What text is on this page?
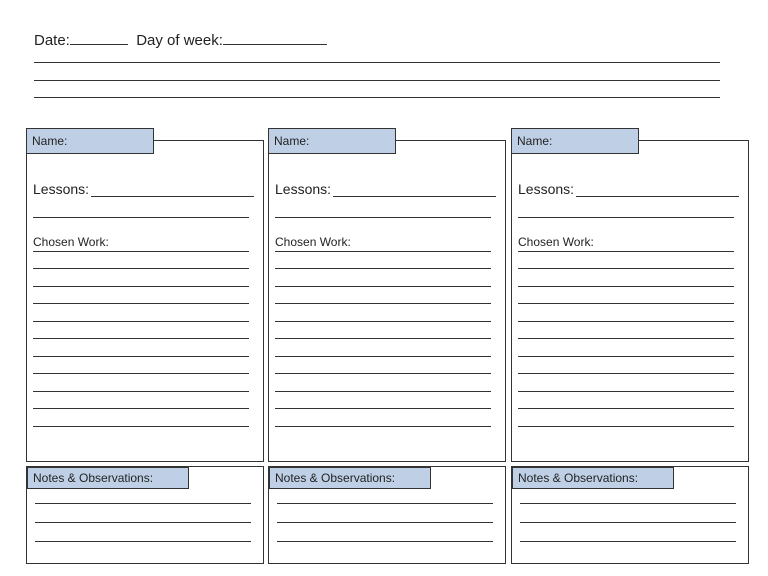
Date:	Day of week:
Lessons:
Chosen Work:
Name:
Notes & Observations:
Lessons:
Chosen Work:
Name:
Notes & Observations:
Lessons:
Chosen Work:
Name:
Notes & Observations:
